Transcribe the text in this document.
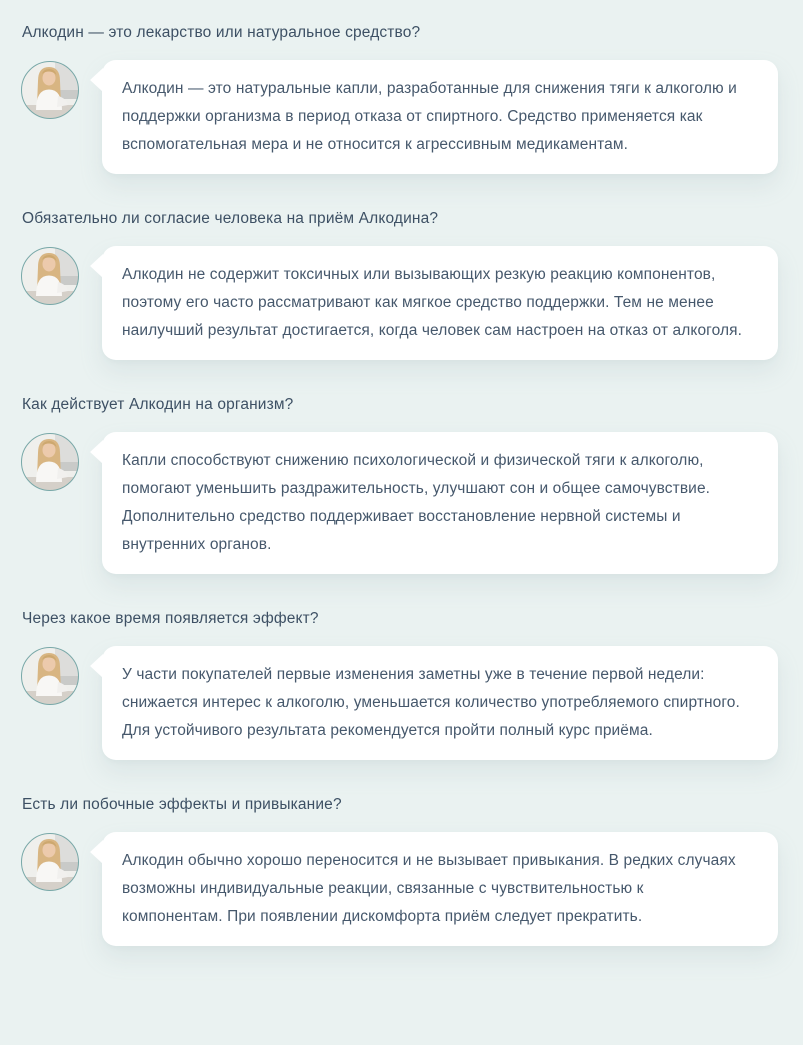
Алкодин — это лекарство или натуральное средство?

Алкодин — это натуральные капли, разработанные для снижения тяги к алкоголю и поддержки организма в период отказа от спиртного. Средство применяется как вспомогательная мера и не относится к агрессивным медикаментам.

Обязательно ли согласие человека на приём Алкодина?

Алкодин не содержит токсичных или вызывающих резкую реакцию компонентов, поэтому его часто рассматривают как мягкое средство поддержки. Тем не менее наилучший результат достигается, когда человек сам настроен на отказ от алкоголя.

Как действует Алкодин на организм?

Капли способствуют снижению психологической и физической тяги к алкоголю, помогают уменьшить раздражительность, улучшают сон и общее самочувствие. Дополнительно средство поддерживает восстановление нервной системы и внутренних органов.

Через какое время появляется эффект?

У части покупателей первые изменения заметны уже в течение первой недели: снижается интерес к алкоголю, уменьшается количество употребляемого спиртного. Для устойчивого результата рекомендуется пройти полный курс приёма.

Есть ли побочные эффекты и привыкание?

Алкодин обычно хорошо переносится и не вызывает привыкания. В редких случаях возможны индивидуальные реакции, связанные с чувствительностью к компонентам. При появлении дискомфорта приём следует прекратить.
